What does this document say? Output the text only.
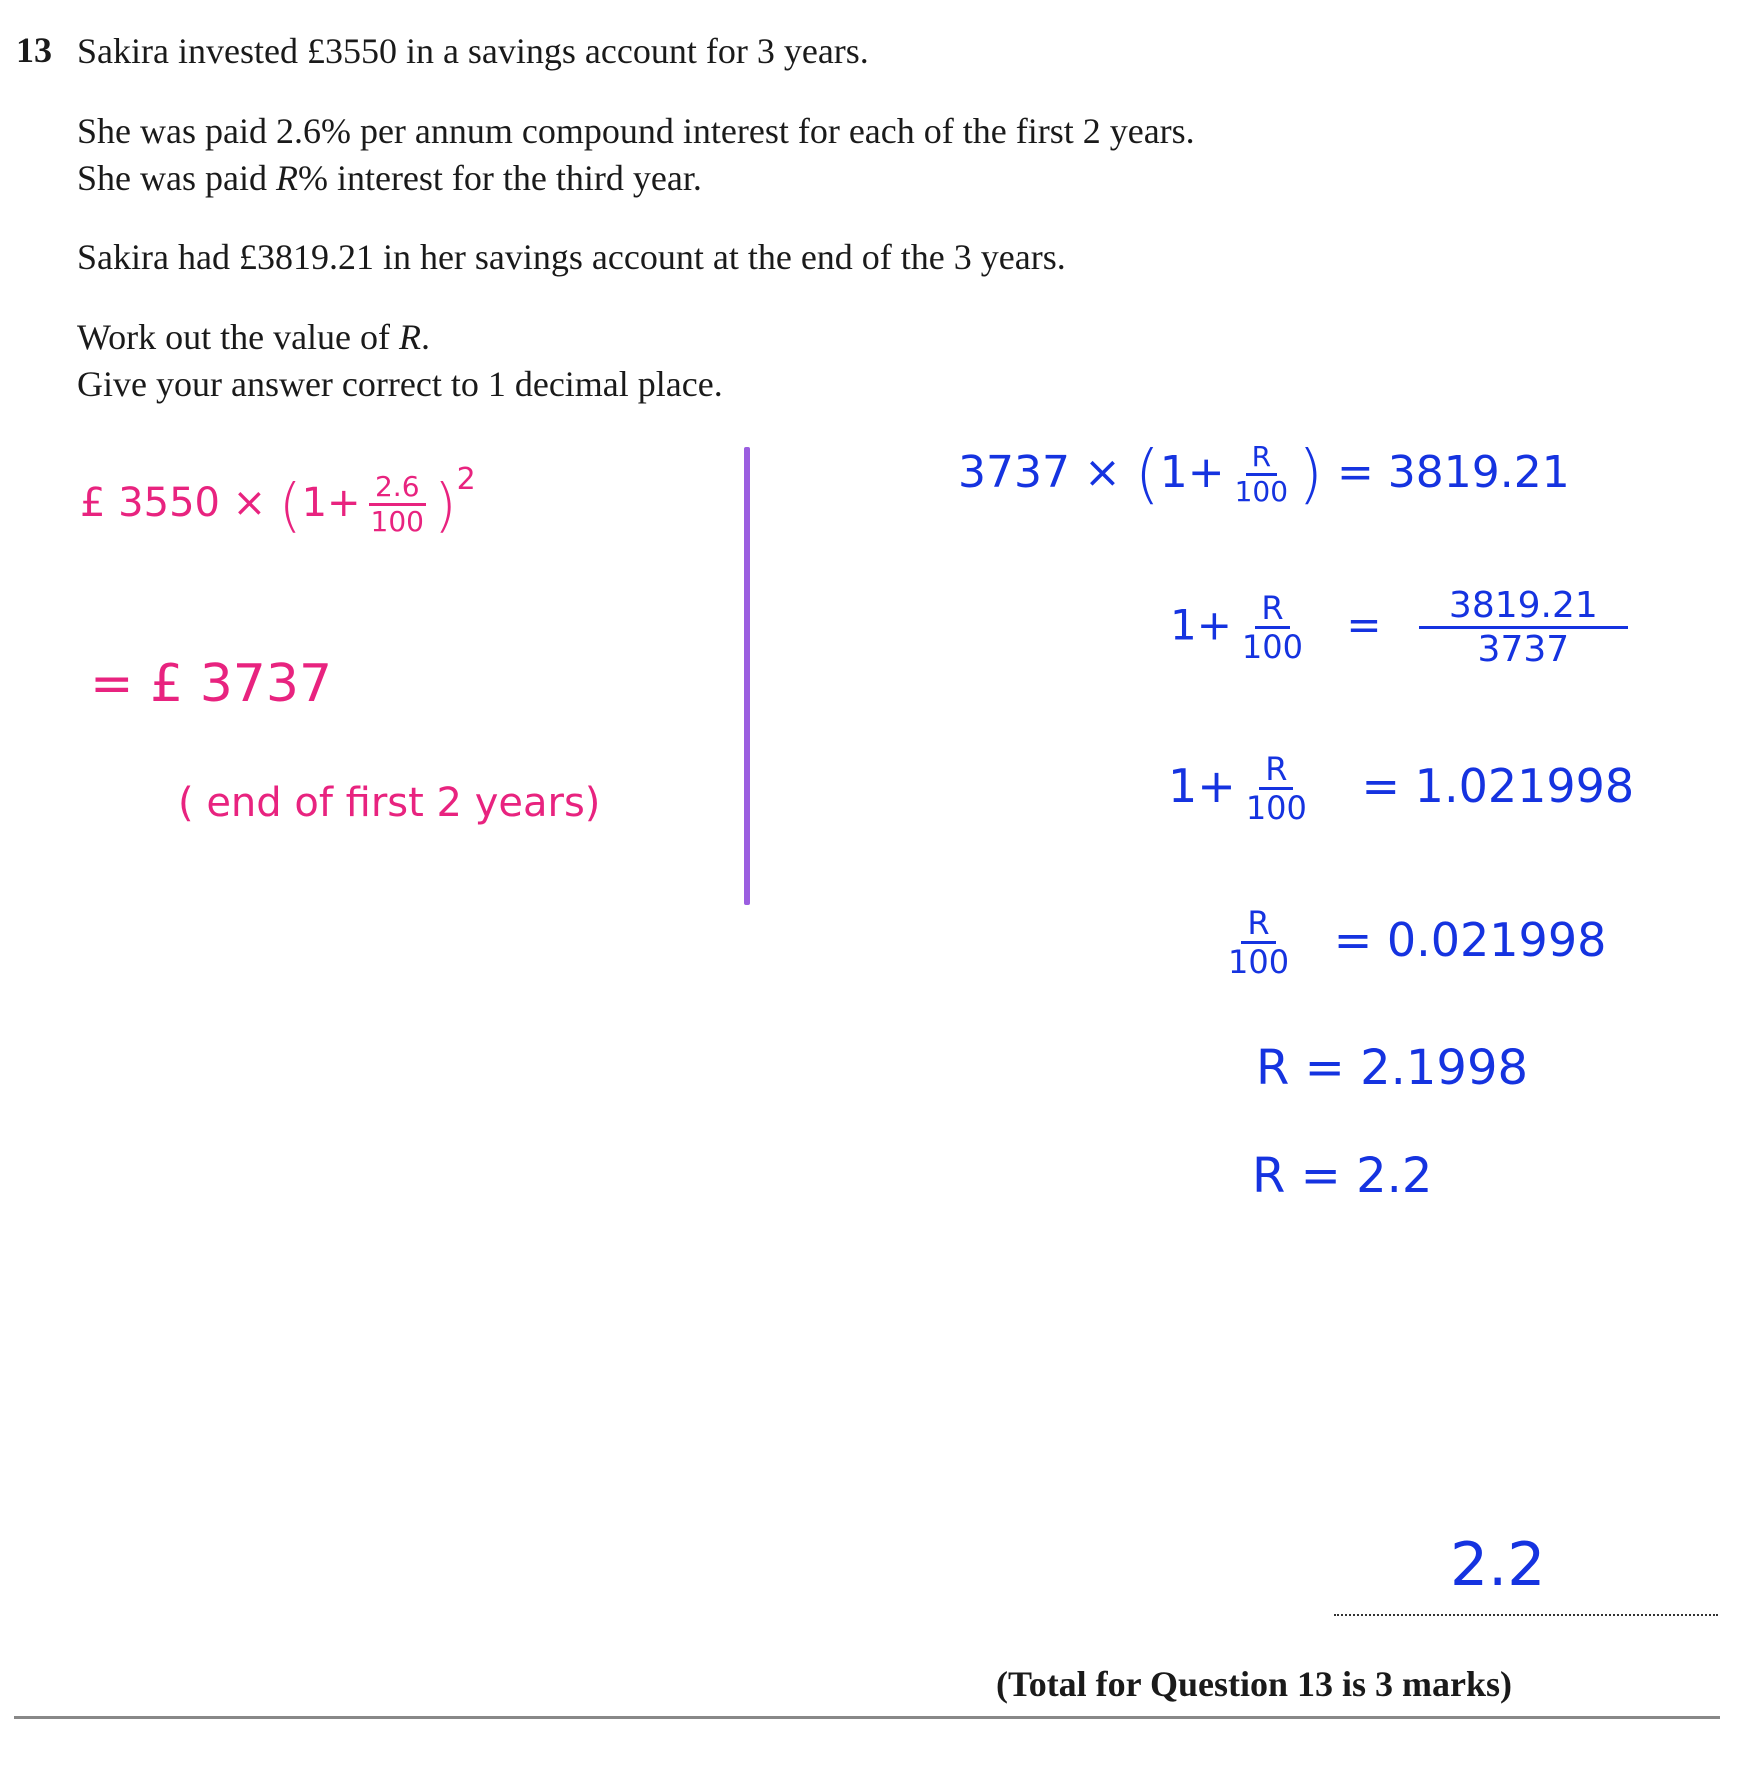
13 Sakira invested £3550 in a savings account for 3 years.
She was paid 2.6% per annum compound interest for each of the first 2 years.
She was paid R% interest for the third year.
Sakira had £3819.21 in her savings account at the end of the 3 years.
Work out the value of R.
Give your answer correct to 1 decimal place.
£ $3550 \times (1+ \frac{2.6}{100} )^2$
= £ 3737
( end of first 2 years)
$3737 \times (1+ \frac{R}{100}$ ) = 3819.21
$1+ \frac{R}{100} = \frac{3819.21}{3737}$
$1+ \frac{R}{100} = 1.021998$
$\frac{R}{100} = 0.021998$
R = 2.1998
R = 2.2
2.2
(Total for Question 13 is 3 marks)
